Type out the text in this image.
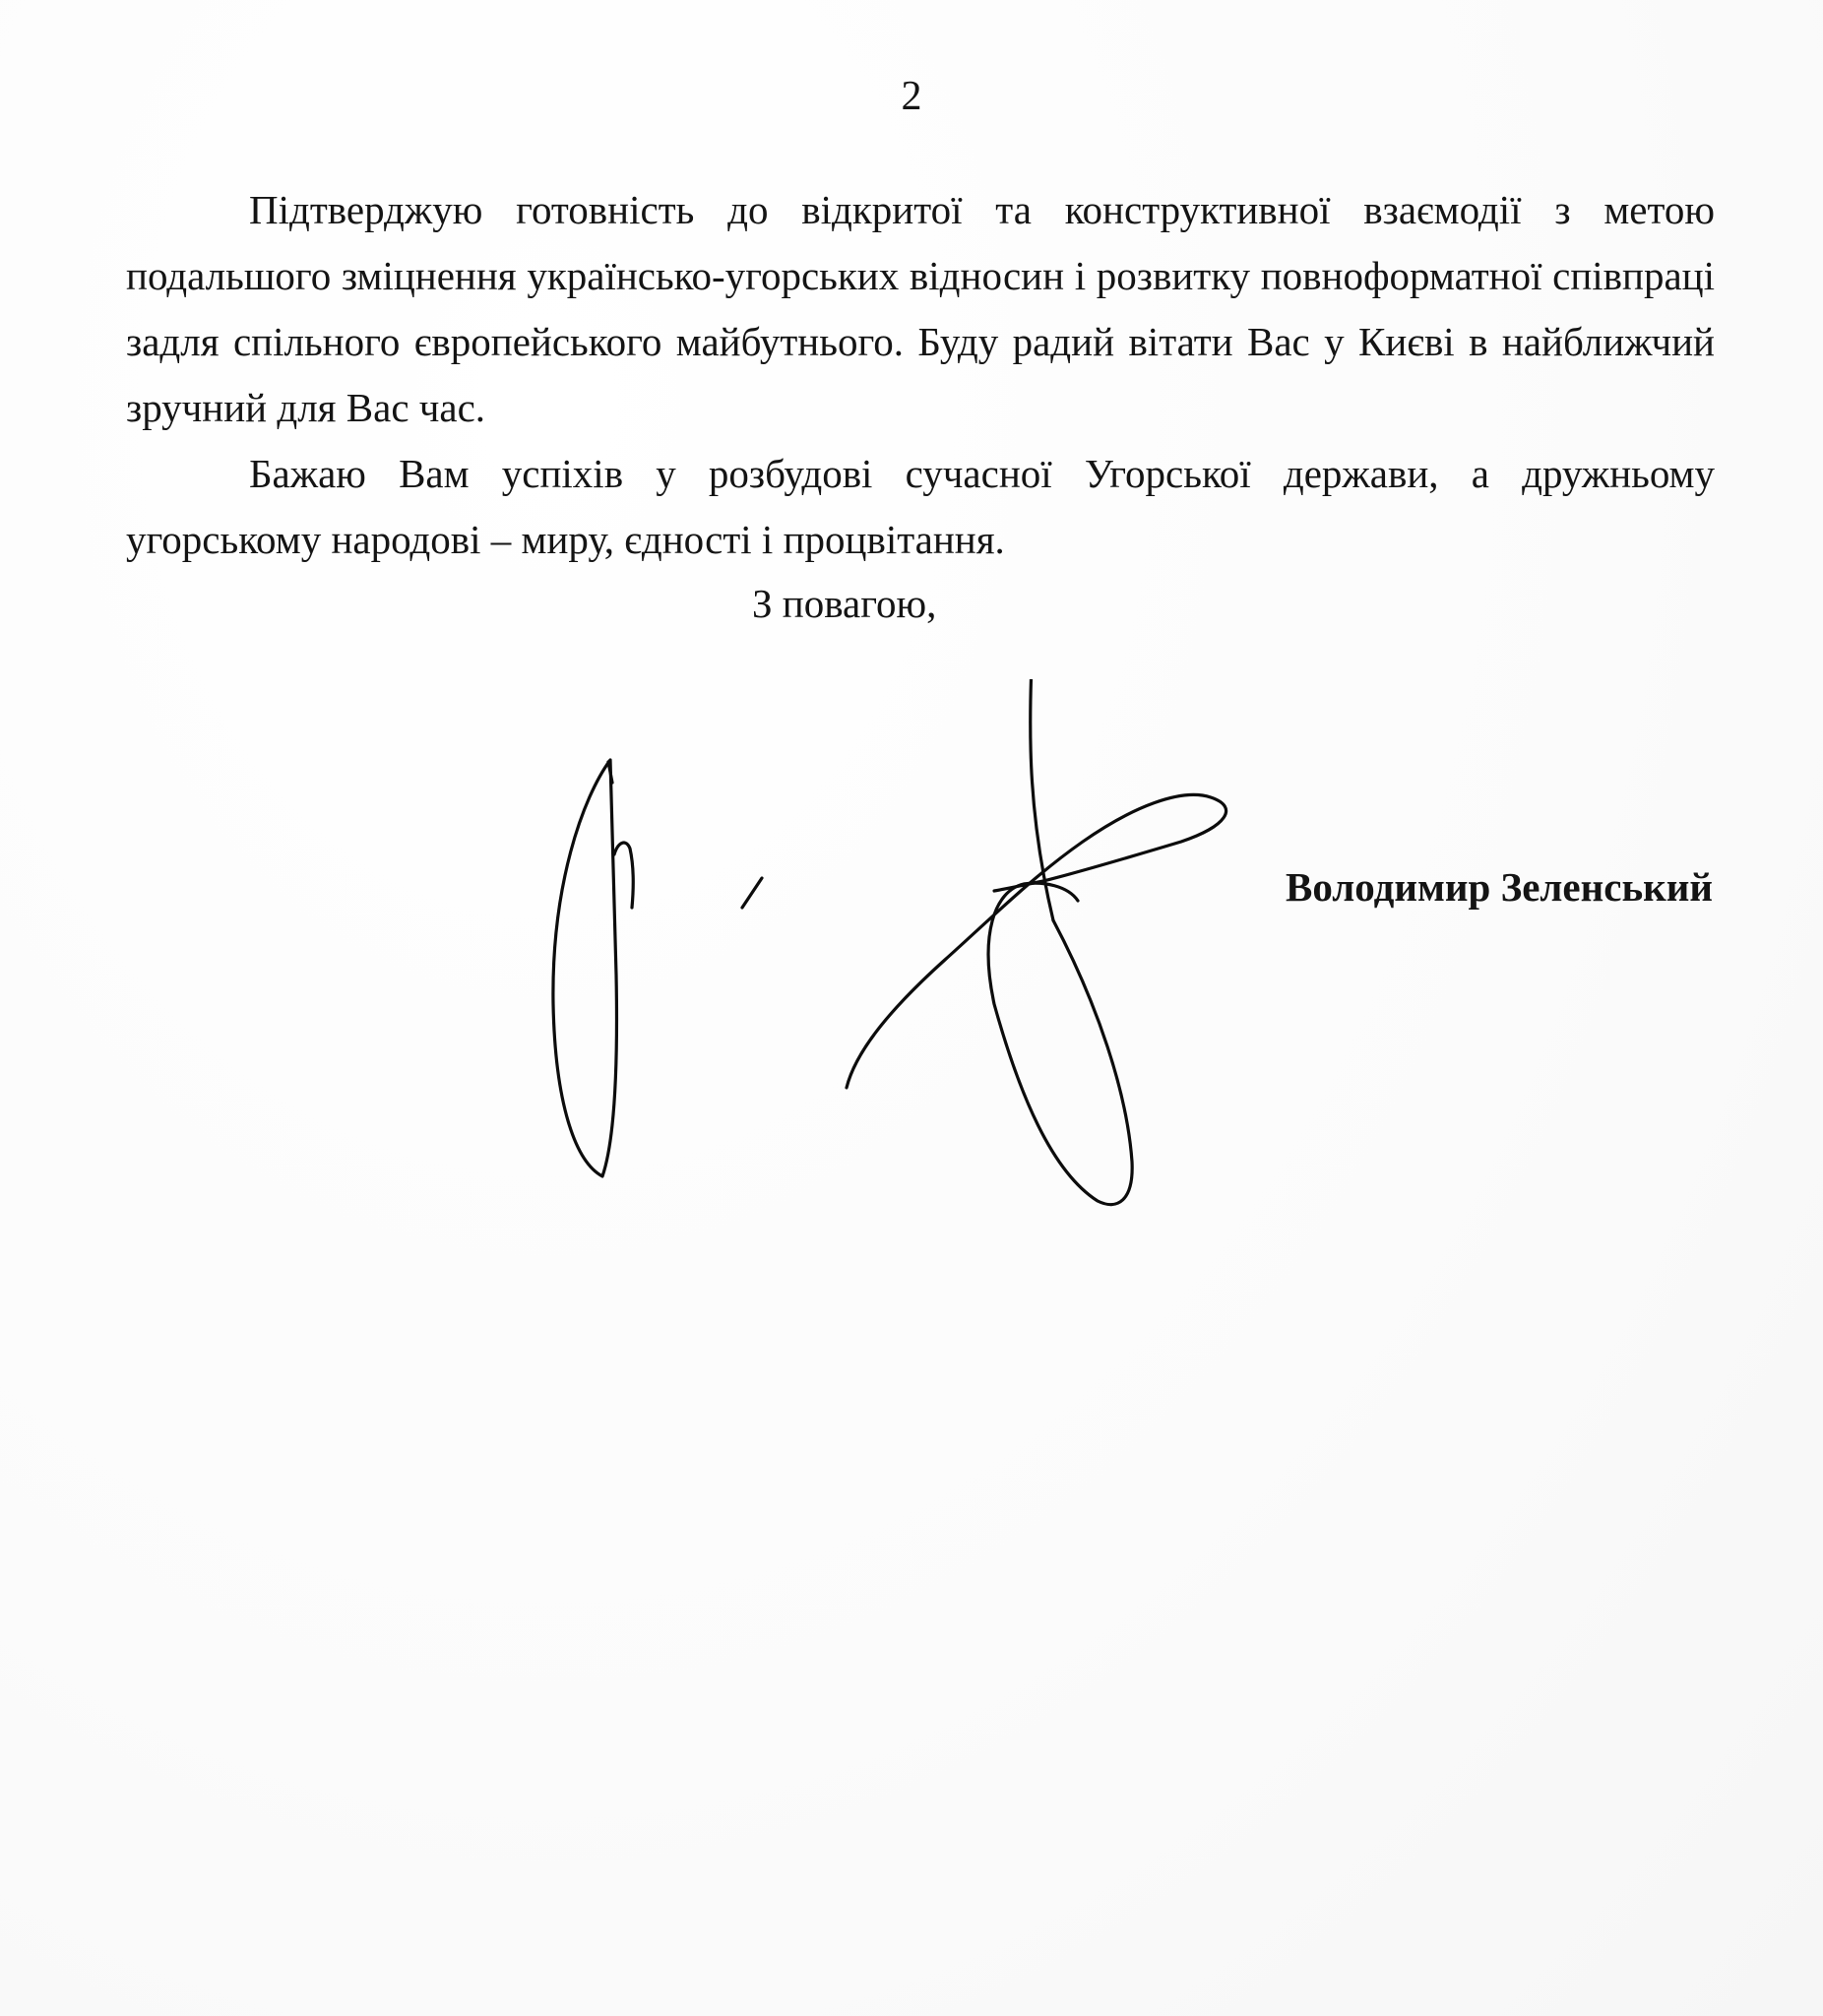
2

Підтверджую готовність до відкритої та конструктивної взаємодії з метою подальшого зміцнення українсько-угорських відносин і розвитку повноформатної співпраці задля спільного європейського майбутнього. Буду радий вітати Вас у Києві в найближчий зручний для Вас час.

Бажаю Вам успіхів у розбудові сучасної Угорської держави, а дружньому угорському народові – миру, єдності і процвітання.

З повагою,
Володимир Зеленський
